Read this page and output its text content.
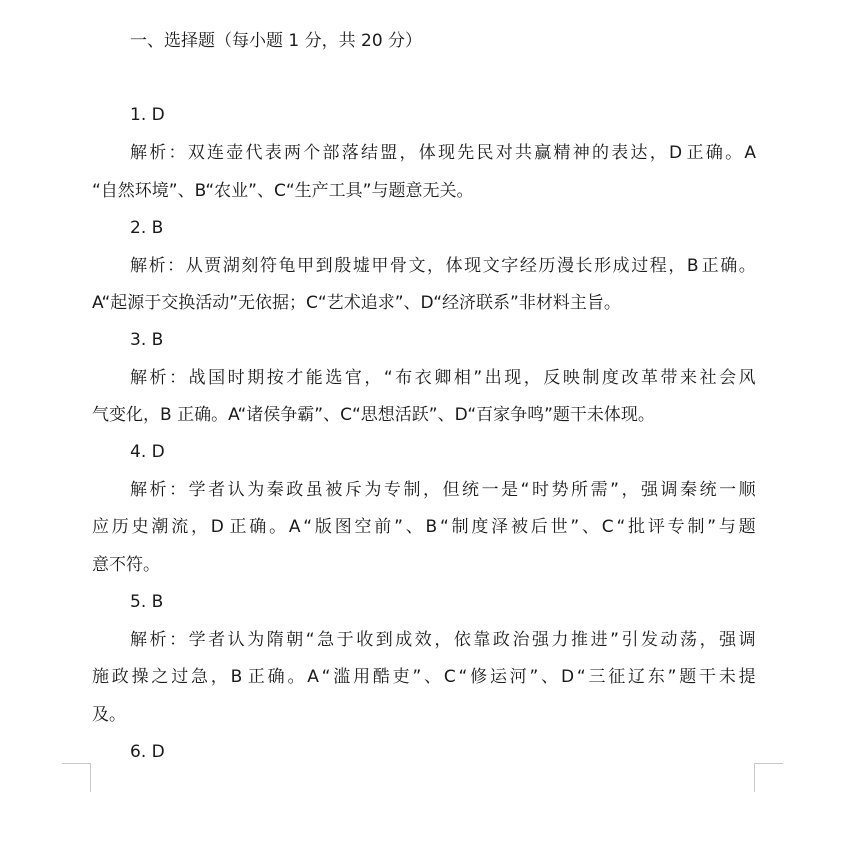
一、选择题（每小题 1 分，共 20 分）
1. D
解 析 ： 双 连 壶 代 表 两 个 部 落 结 盟 ， 体 现 先 民 对 共 赢 精 神 的 表 达 ， D 正 确 。 A
“自然环境”、B“农业”、C“生产工具”与题意无关。
2. B
解 析 ： 从 贾 湖 刻 符 龟 甲 到 殷 墟 甲 骨 文 ， 体 现 文 字 经 历 漫 长 形 成 过 程 ， B 正 确 。
A“起源于交换活动”无依据；C“艺术追求”、D“经济联系”非材料主旨。
3. B
解 析 ： 战 国 时 期 按 才 能 选 官 ， “ 布 衣 卿 相 ” 出 现 ， 反 映 制 度 改 革 带 来 社 会 风
气变化，B 正确。A“诸侯争霸”、C“思想活跃”、D“百家争鸣”题干未体现。
4. D
解 析 ： 学 者 认 为 秦 政 虽 被 斥 为 专 制 ， 但 统 一 是 “ 时 势 所 需 ” ， 强 调 秦 统 一 顺
应 历 史 潮 流 ， D 正 确 。 A “ 版 图 空 前 ” 、 B “ 制 度 泽 被 后 世 ” 、 C “ 批 评 专 制 ” 与 题
意不符。
5. B
解 析 ： 学 者 认 为 隋 朝 “ 急 于 收 到 成 效 ， 依 靠 政 治 强 力 推 进 ” 引 发 动 荡 ， 强 调
施 政 操 之 过 急 ， B 正 确 。 A “ 滥 用 酷 吏 ” 、 C “ 修 运 河 ” 、 D “ 三 征 辽 东 ” 题 干 未 提
及。
6. D
